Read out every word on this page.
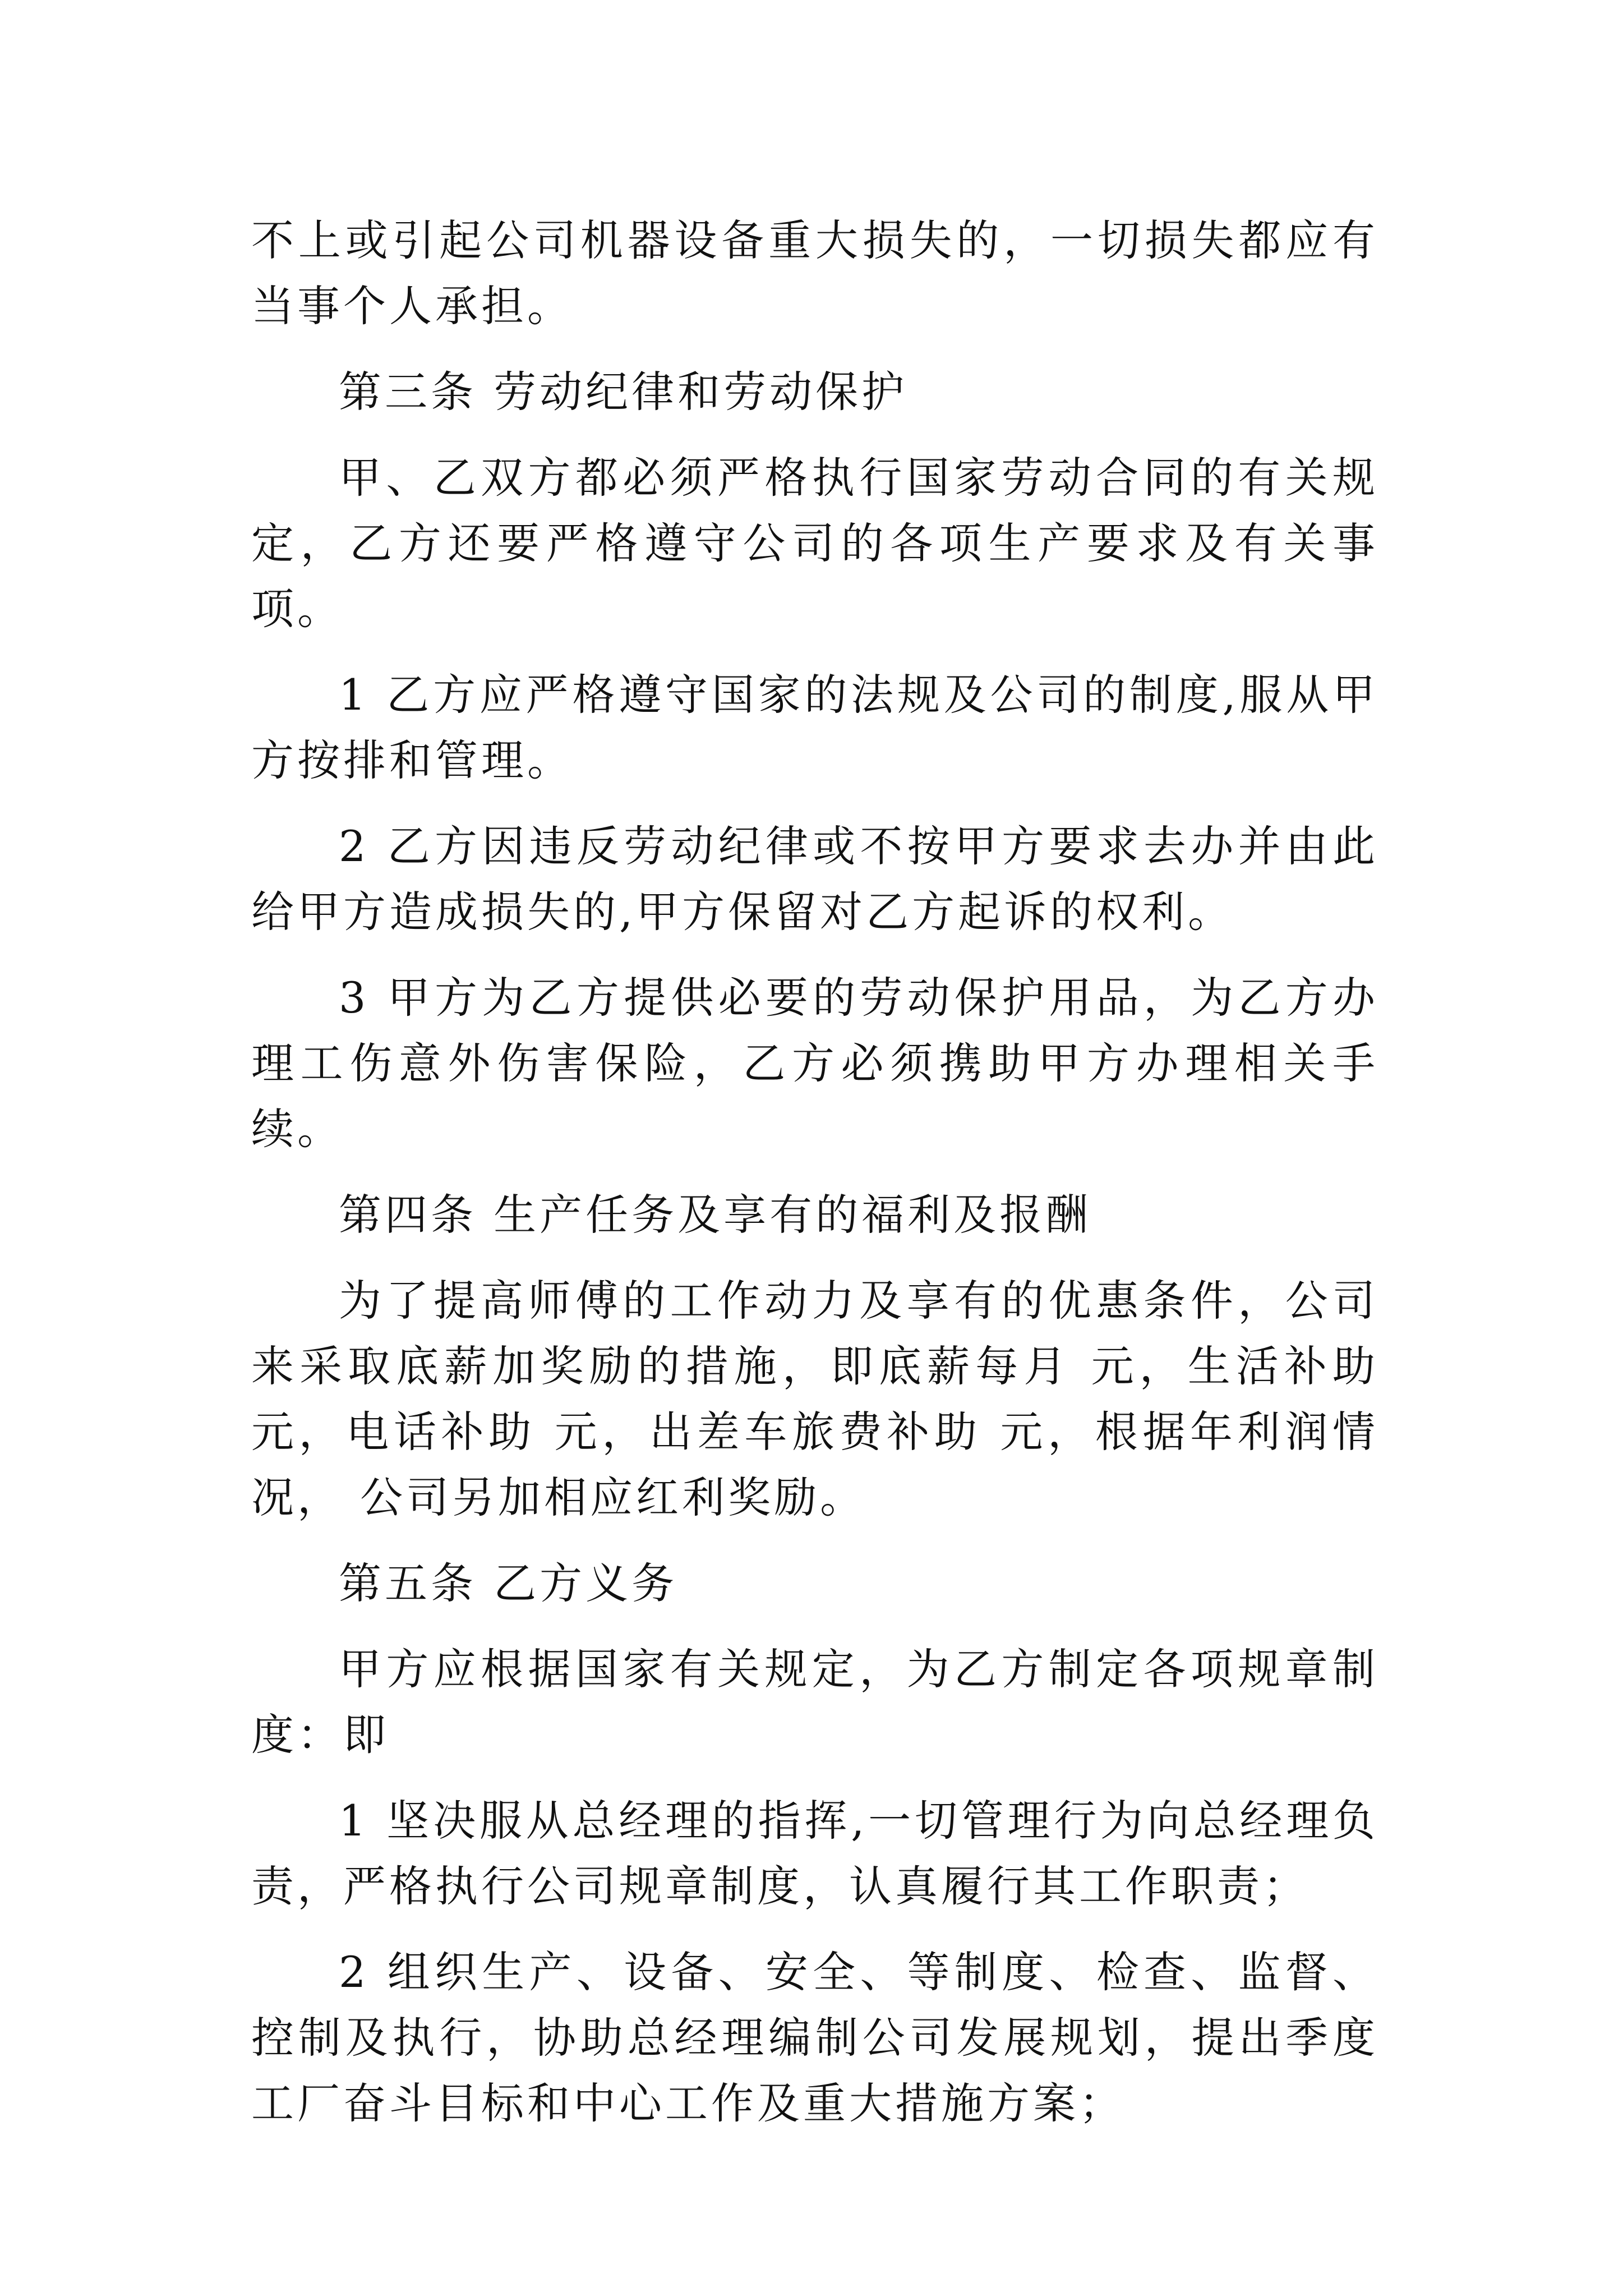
不上或引起公司机器设备重大损失的，一切损失都应有当事个人承担。

第三条 劳动纪律和劳动保护

甲、乙双方都必须严格执行国家劳动合同的有关规定，乙方还要严格遵守公司的各项生产要求及有关事项。

1 乙方应严格遵守国家的法规及公司的制度,服从甲方按排和管理。

2 乙方因违反劳动纪律或不按甲方要求去办并由此给甲方造成损失的,甲方保留对乙方起诉的权利。

3 甲方为乙方提供必要的劳动保护用品，为乙方办理工伤意外伤害保险，乙方必须携助甲方办理相关手续。

第四条 生产任务及享有的福利及报酬

为了提高师傅的工作动力及享有的优惠条件，公司来采取底薪加奖励的措施，即底薪每月 元，生活补助 元，电话补助 元，出差车旅费补助 元，根据年利润情况， 公司另加相应红利奖励。

第五条 乙方义务

甲方应根据国家有关规定，为乙方制定各项规章制度：即

1 坚决服从总经理的指挥,一切管理行为向总经理负责，严格执行公司规章制度，认真履行其工作职责；

2 组织生产、设备、安全、等制度、检查、监督、控制及执行，协助总经理编制公司发展规划，提出季度工厂奋斗目标和中心工作及重大措施方案；
